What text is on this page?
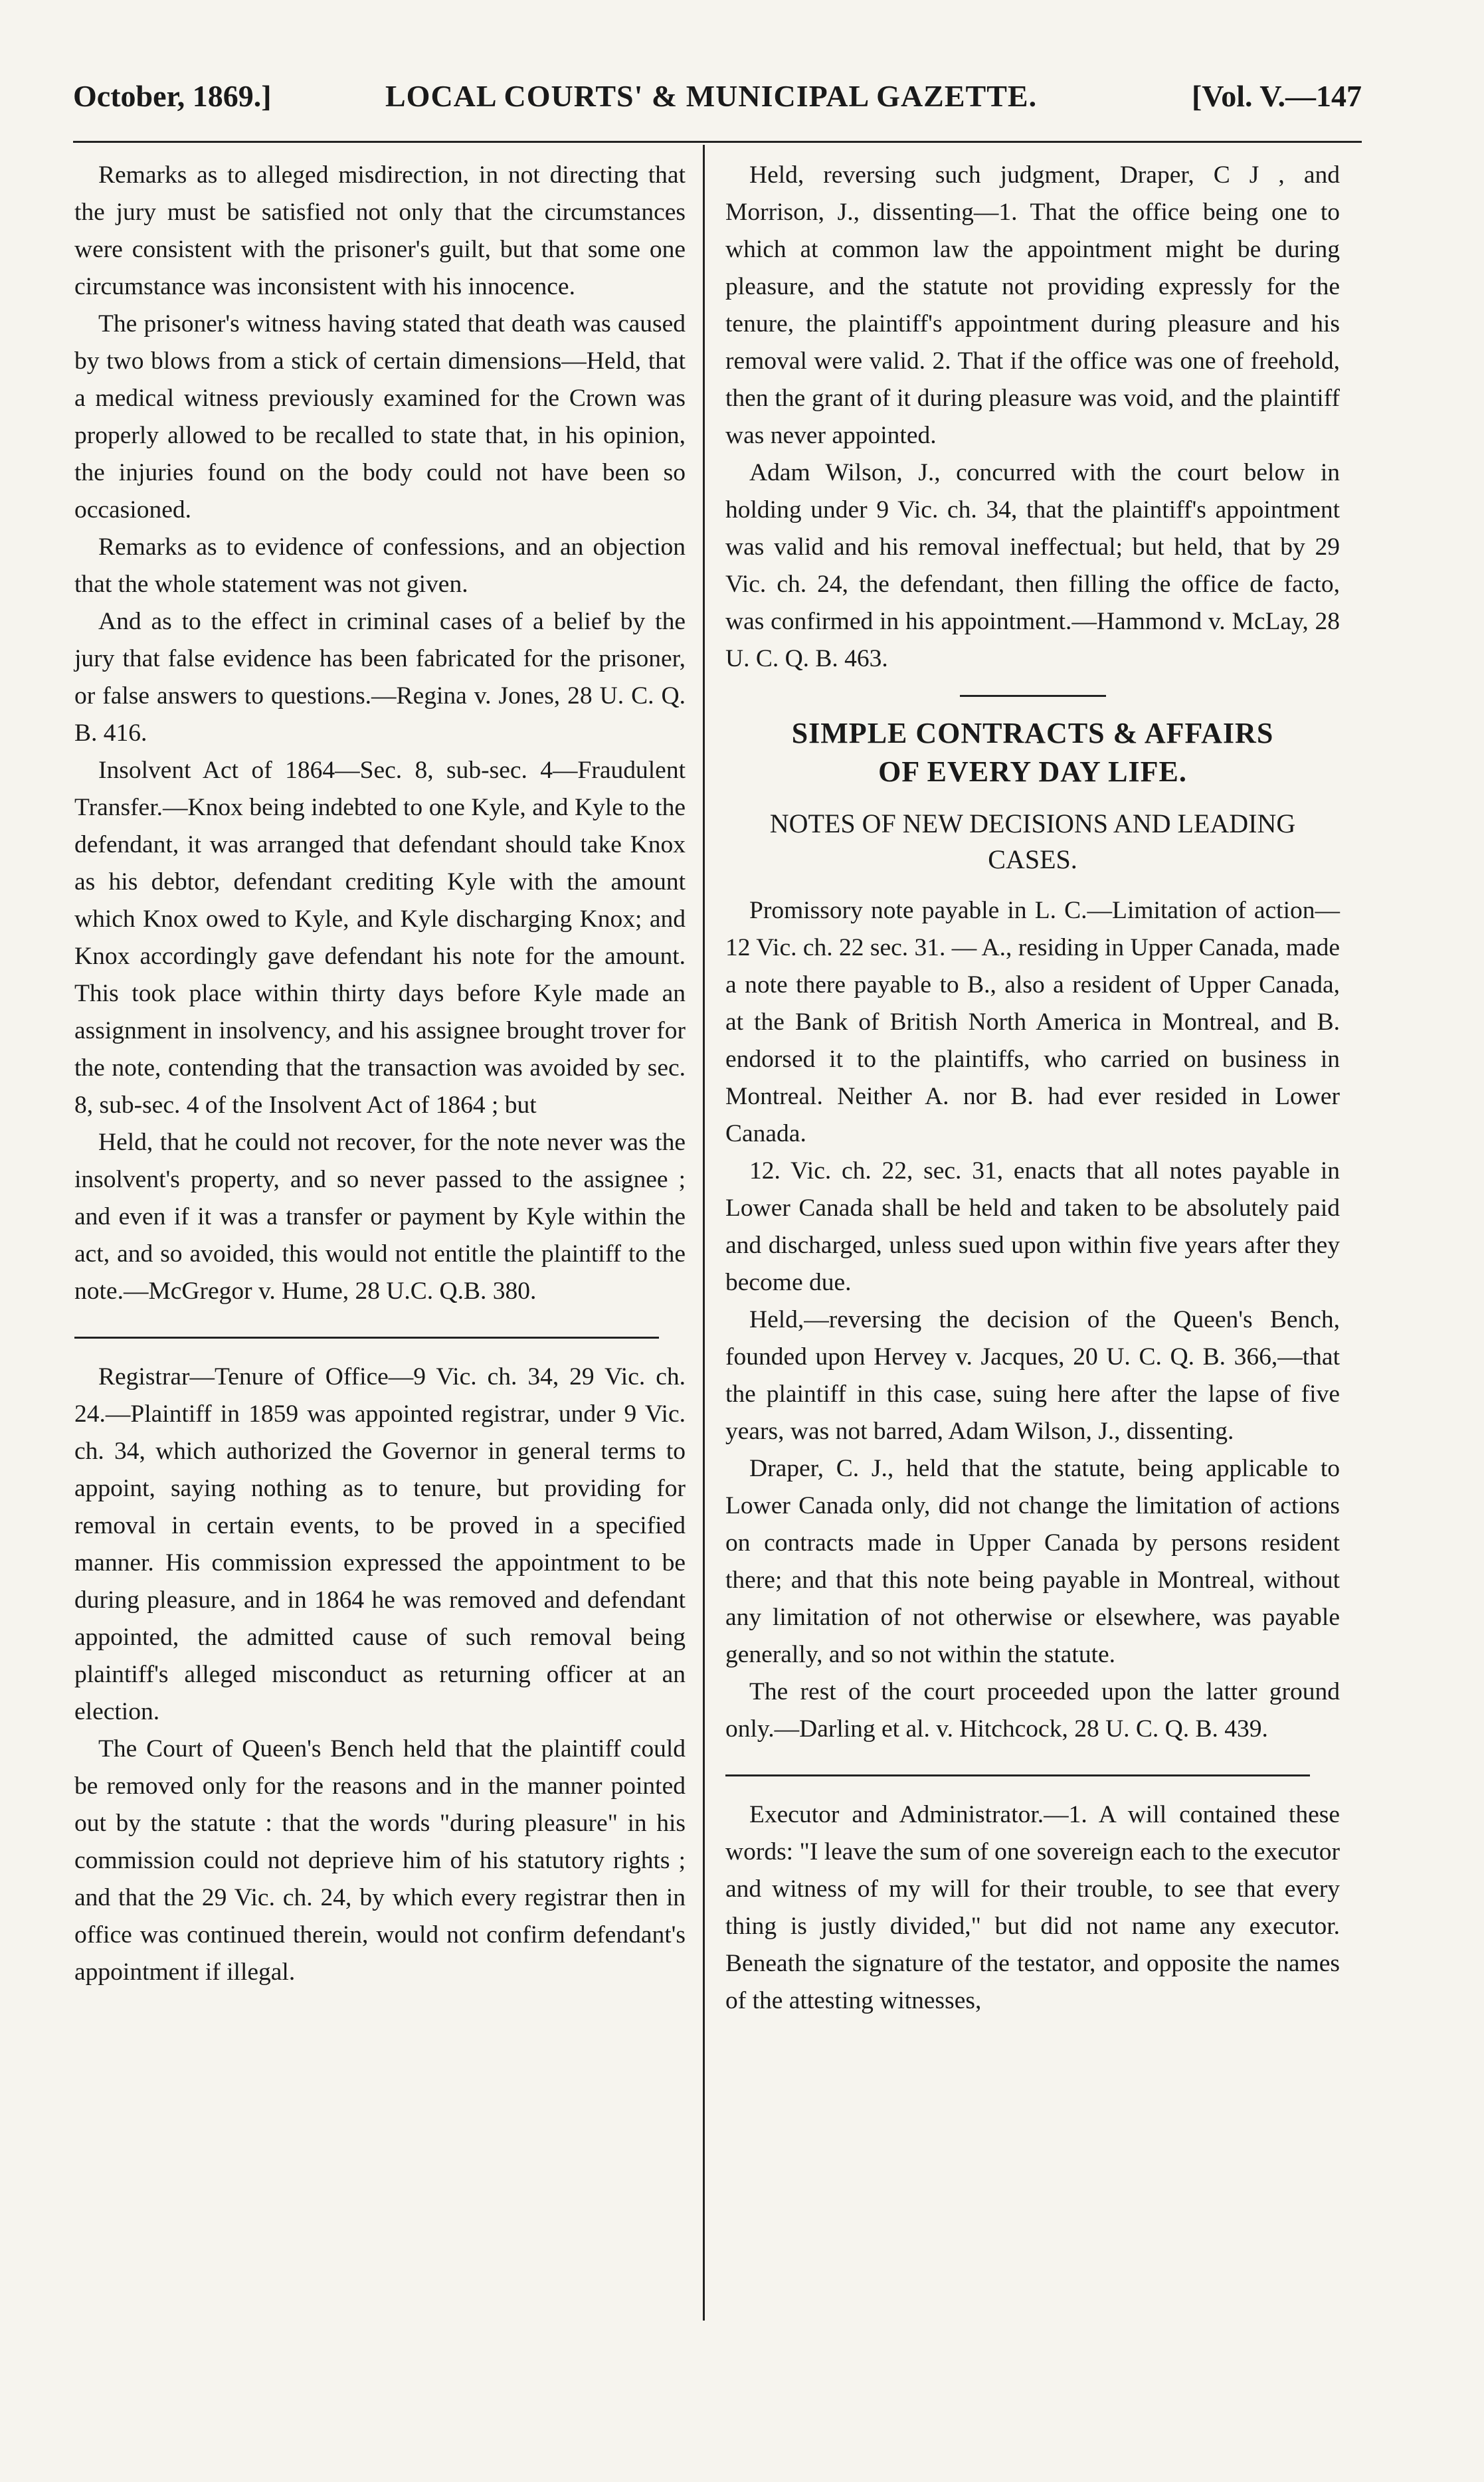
October, 1869.]	LOCAL COURTS' & MUNICIPAL GAZETTE.	[Vol. V.—147

Remarks as to alleged misdirection, in not directing that the jury must be satisfied not only that the circumstances were consistent with the prisoner's guilt, but that some one circumstance was inconsistent with his innocence.

The prisoner's witness having stated that death was caused by two blows from a stick of certain dimensions—Held, that a medical witness previously examined for the Crown was properly allowed to be recalled to state that, in his opinion, the injuries found on the body could not have been so occasioned.

Remarks as to evidence of confessions, and an objection that the whole statement was not given.

And as to the effect in criminal cases of a belief by the jury that false evidence has been fabricated for the prisoner, or false answers to questions.—Regina v. Jones, 28 U. C. Q. B. 416.

Insolvent Act of 1864—Sec. 8, sub-sec. 4—Fraudulent Transfer.—Knox being indebted to one Kyle, and Kyle to the defendant, it was arranged that defendant should take Knox as his debtor, defendant crediting Kyle with the amount which Knox owed to Kyle, and Kyle discharging Knox; and Knox accordingly gave defendant his note for the amount. This took place within thirty days before Kyle made an assignment in insolvency, and his assignee brought trover for the note, contending that the transaction was avoided by sec. 8, sub-sec. 4 of the Insolvent Act of 1864 ; but

Held, that he could not recover, for the note never was the insolvent's property, and so never passed to the assignee ; and even if it was a transfer or payment by Kyle within the act, and so avoided, this would not entitle the plaintiff to the note.—McGregor v. Hume, 28 U.C. Q.B. 380.

Registrar—Tenure of Office—9 Vic. ch. 34, 29 Vic. ch. 24.—Plaintiff in 1859 was appointed registrar, under 9 Vic. ch. 34, which authorized the Governor in general terms to appoint, saying nothing as to tenure, but providing for removal in certain events, to be proved in a specified manner. His commission expressed the appointment to be during pleasure, and in 1864 he was removed and defendant appointed, the admitted cause of such removal being plaintiff's alleged misconduct as returning officer at an election.

The Court of Queen's Bench held that the plaintiff could be removed only for the reasons and in the manner pointed out by the statute : that the words "during pleasure" in his commission could not deprieve him of his statutory rights ; and that the 29 Vic. ch. 24, by which every registrar then in office was continued therein, would not confirm defendant's appointment if illegal.

Held, reversing such judgment, Draper, C J , and Morrison, J., dissenting—1. That the office being one to which at common law the appointment might be during pleasure, and the statute not providing expressly for the tenure, the plaintiff's appointment during pleasure and his removal were valid. 2. That if the office was one of freehold, then the grant of it during pleasure was void, and the plaintiff was never appointed.

Adam Wilson, J., concurred with the court below in holding under 9 Vic. ch. 34, that the plaintiff's appointment was valid and his removal ineffectual; but held, that by 29 Vic. ch. 24, the defendant, then filling the office de facto, was confirmed in his appointment.—Hammond v. McLay, 28 U. C. Q. B. 463.

SIMPLE CONTRACTS & AFFAIRS
OF EVERY DAY LIFE.
NOTES OF NEW DECISIONS AND LEADING
CASES.

Promissory note payable in L. C.—Limitation of action—12 Vic. ch. 22 sec. 31. — A., residing in Upper Canada, made a note there payable to B., also a resident of Upper Canada, at the Bank of British North America in Montreal, and B. endorsed it to the plaintiffs, who carried on business in Montreal. Neither A. nor B. had ever resided in Lower Canada.

12. Vic. ch. 22, sec. 31, enacts that all notes payable in Lower Canada shall be held and taken to be absolutely paid and discharged, unless sued upon within five years after they become due.

Held,—reversing the decision of the Queen's Bench, founded upon Hervey v. Jacques, 20 U. C. Q. B. 366,—that the plaintiff in this case, suing here after the lapse of five years, was not barred, Adam Wilson, J., dissenting.

Draper, C. J., held that the statute, being applicable to Lower Canada only, did not change the limitation of actions on contracts made in Upper Canada by persons resident there; and that this note being payable in Montreal, without any limitation of not otherwise or elsewhere, was payable generally, and so not within the statute.

The rest of the court proceeded upon the latter ground only.—Darling et al. v. Hitchcock, 28 U. C. Q. B. 439.

Executor and Administrator.—1. A will contained these words: "I leave the sum of one sovereign each to the executor and witness of my will for their trouble, to see that every thing is justly divided," but did not name any executor. Beneath the signature of the testator, and opposite the names of the attesting witnesses,
